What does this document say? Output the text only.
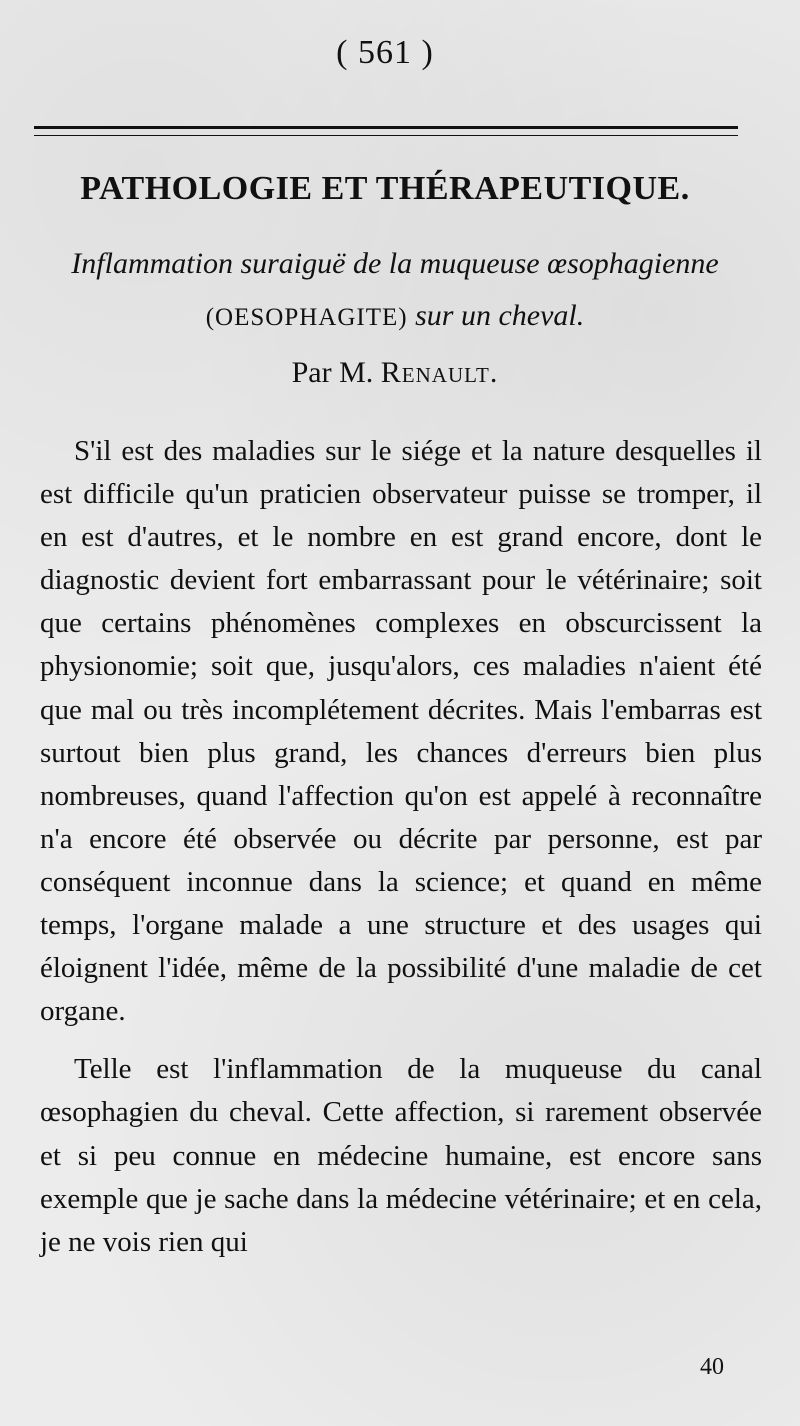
( 561 )
PATHOLOGIE ET THÉRAPEUTIQUE.
Inflammation suraiguë de la muqueuse œsophagienne (OESOPHAGITE) sur un cheval.
Par M. Renault.

S'il est des maladies sur le siége et la nature desquelles il est difficile qu'un praticien observateur puisse se tromper, il en est d'autres, et le nombre en est grand encore, dont le diagnostic devient fort embarrassant pour le vétérinaire; soit que certains phénomènes complexes en obscurcissent la physionomie; soit que, jusqu'alors, ces maladies n'aient été que mal ou très incomplétement décrites. Mais l'embarras est surtout bien plus grand, les chances d'erreurs bien plus nombreuses, quand l'affection qu'on est appelé à reconnaître n'a encore été observée ou décrite par personne, est par conséquent inconnue dans la science; et quand en même temps, l'organe malade a une structure et des usages qui éloignent l'idée, même de la possibilité d'une maladie de cet organe.

Telle est l'inflammation de la muqueuse du canal œsophagien du cheval. Cette affection, si rarement observée et si peu connue en médecine humaine, est encore sans exemple que je sache dans la médecine vétérinaire; et en cela, je ne vois rien qui

40
